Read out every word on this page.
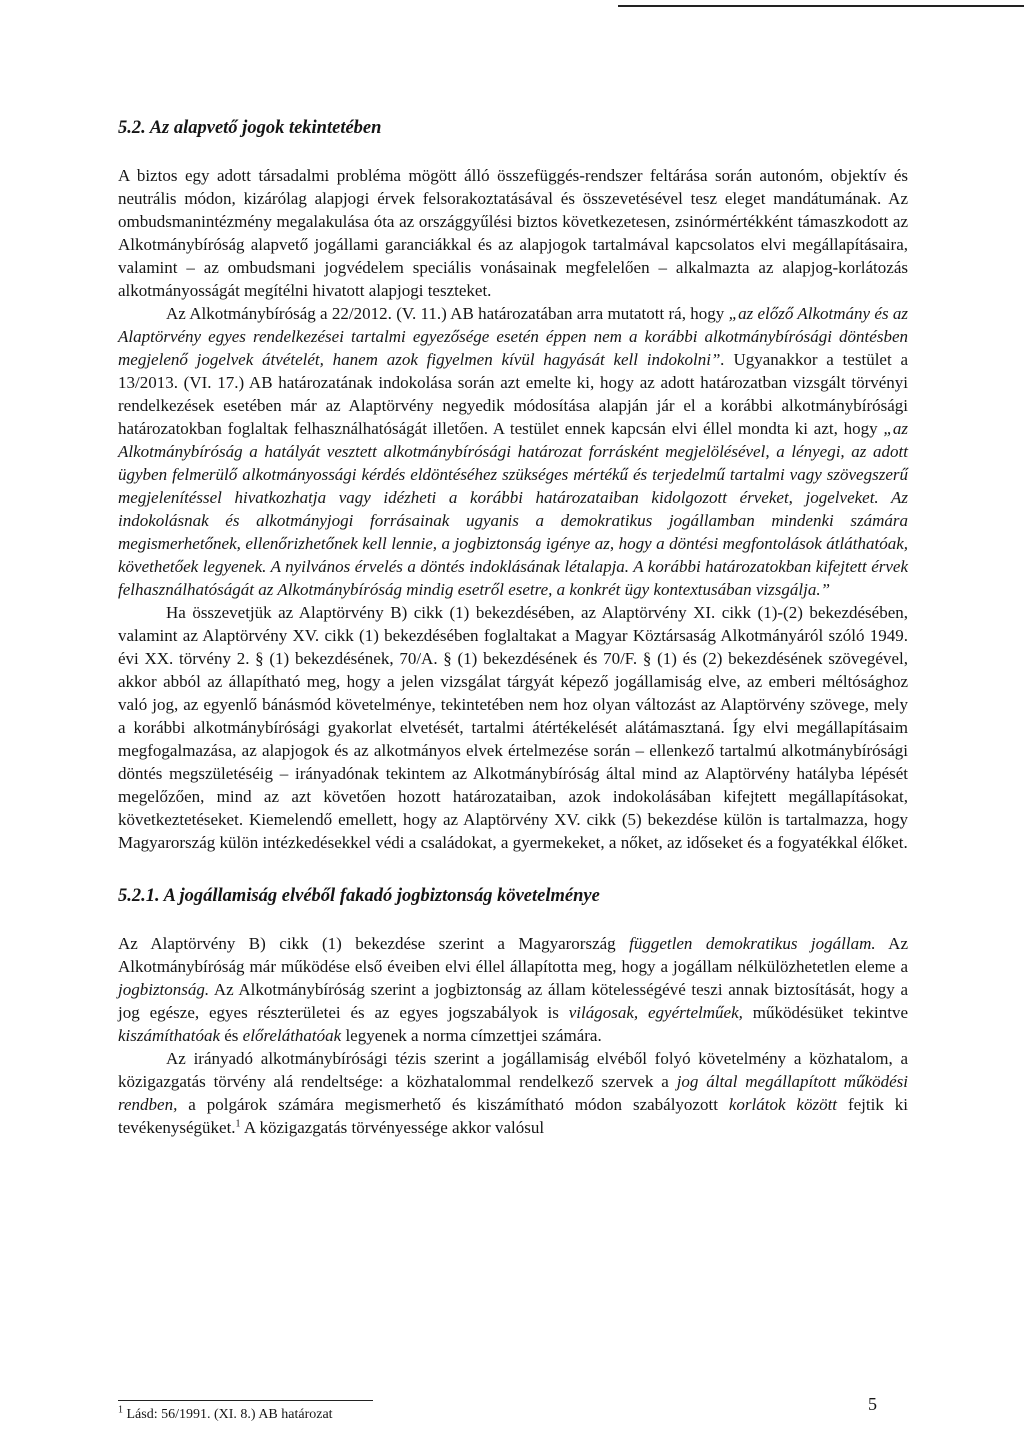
5.2. Az alapvető jogok tekintetében

A biztos egy adott társadalmi probléma mögött álló összefüggés-rendszer feltárása során autonóm, objektív és neutrális módon, kizárólag alapjogi érvek felsorakoztatásával és összevetésével tesz eleget mandátumának. Az ombudsmanintézmény megalakulása óta az országgyűlési biztos következetesen, zsinórmértékként támaszkodott az Alkotmánybíróság alapvető jogállami garanciákkal és az alapjogok tartalmával kapcsolatos elvi megállapításaira, valamint – az ombudsmani jogvédelem speciális vonásainak megfelelően – alkalmazta az alapjog-korlátozás alkotmányosságát megítélni hivatott alapjogi teszteket.

Az Alkotmánybíróság a 22/2012. (V. 11.) AB határozatában arra mutatott rá, hogy „az előző Alkotmány és az Alaptörvény egyes rendelkezései tartalmi egyezősége esetén éppen nem a korábbi alkotmánybírósági döntésben megjelenő jogelvek átvételét, hanem azok figyelmen kívül hagyását kell indokolni”. Ugyanakkor a testület a 13/2013. (VI. 17.) AB határozatának indokolása során azt emelte ki, hogy az adott határozatban vizsgált törvényi rendelkezések esetében már az Alaptörvény negyedik módosítása alapján jár el a korábbi alkotmánybírósági határozatokban foglaltak felhasználhatóságát illetően. A testület ennek kapcsán elvi éllel mondta ki azt, hogy „az Alkotmánybíróság a hatályát vesztett alkotmánybírósági határozat forrásként megjelölésével, a lényegi, az adott ügyben felmerülő alkotmányossági kérdés eldöntéséhez szükséges mértékű és terjedelmű tartalmi vagy szövegszerű megjelenítéssel hivatkozhatja vagy idézheti a korábbi határozataiban kidolgozott érveket, jogelveket. Az indokolásnak és alkotmányjogi forrásainak ugyanis a demokratikus jogállamban mindenki számára megismerhetőnek, ellenőrizhetőnek kell lennie, a jogbiztonság igénye az, hogy a döntési megfontolások átláthatóak, követhetőek legyenek. A nyilvános érvelés a döntés indoklásának létalapja. A korábbi határozatokban kifejtett érvek felhasználhatóságát az Alkotmánybíróság mindig esetről esetre, a konkrét ügy kontextusában vizsgálja.”

Ha összevetjük az Alaptörvény B) cikk (1) bekezdésében, az Alaptörvény XI. cikk (1)-(2) bekezdésében, valamint az Alaptörvény XV. cikk (1) bekezdésében foglaltakat a Magyar Köztársaság Alkotmányáról szóló 1949. évi XX. törvény 2. § (1) bekezdésének, 70/A. § (1) bekezdésének és 70/F. § (1) és (2) bekezdésének szövegével, akkor abból az állapítható meg, hogy a jelen vizsgálat tárgyát képező jogállamiság elve, az emberi méltósághoz való jog, az egyenlő bánásmód követelménye, tekintetében nem hoz olyan változást az Alaptörvény szövege, mely a korábbi alkotmánybírósági gyakorlat elvetését, tartalmi átértékelését alátámasztaná. Így elvi megállapításaim megfogalmazása, az alapjogok és az alkotmányos elvek értelmezése során – ellenkező tartalmú alkotmánybírósági döntés megszületéséig – irányadónak tekintem az Alkotmánybíróság által mind az Alaptörvény hatályba lépését megelőzően, mind az azt követően hozott határozataiban, azok indokolásában kifejtett megállapításokat, következtetéseket. Kiemelendő emellett, hogy az Alaptörvény XV. cikk (5) bekezdése külön is tartalmazza, hogy Magyarország külön intézkedésekkel védi a családokat, a gyermekeket, a nőket, az időseket és a fogyatékkal élőket.

5.2.1. A jogállamiság elvéből fakadó jogbiztonság követelménye

Az Alaptörvény B) cikk (1) bekezdése szerint a Magyarország független demokratikus jogállam. Az Alkotmánybíróság már működése első éveiben elvi éllel állapította meg, hogy a jogállam nélkülözhetetlen eleme a jogbiztonság. Az Alkotmánybíróság szerint a jogbiztonság az állam kötelességévé teszi annak biztosítását, hogy a jog egésze, egyes részterületei és az egyes jogszabályok is világosak, egyértelműek, működésüket tekintve kiszámíthatóak és előreláthatóak legyenek a norma címzettjei számára.

Az irányadó alkotmánybírósági tézis szerint a jogállamiság elvéből folyó követelmény a közhatalom, a közigazgatás törvény alá rendeltsége: a közhatalommal rendelkező szervek a jog által megállapított működési rendben, a polgárok számára megismerhető és kiszámítható módon szabályozott korlátok között fejtik ki tevékenységüket.$^1$ A közigazgatás törvényessége akkor valósul

$^1$ Lásd: 56/1991. (XI. 8.) AB határozat
5
